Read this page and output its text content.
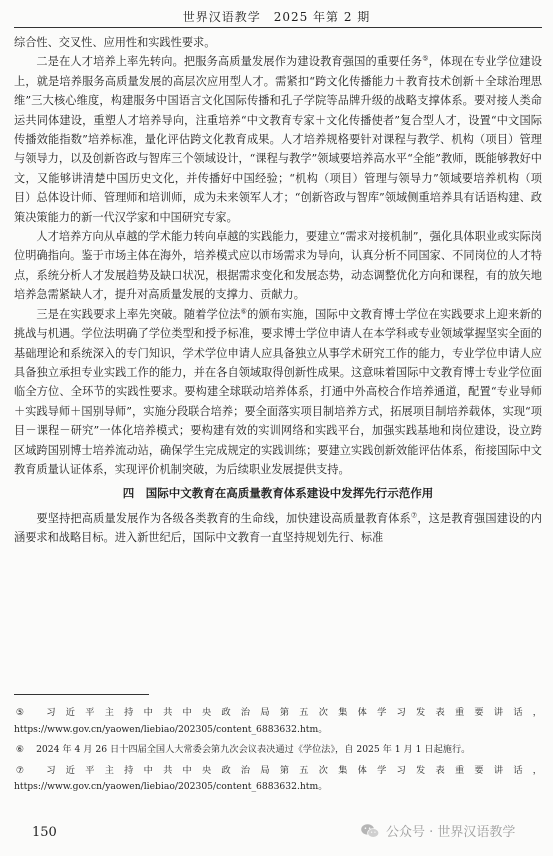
世界汉语教学　2025 年第 2 期

综合性、交叉性、应用性和实践性要求。

二是在人才培养上率先转向。把服务高质量发展作为建设教育强国的重要任务⑤，体现在专业学位建设上，就是培养服务高质量发展的高层次应用型人才。需紧扣“跨文化传播能力＋教育技术创新＋全球治理思维”三大核心维度，构建服务中国语言文化国际传播和孔子学院等品牌升级的战略支撑体系。要对接人类命运共同体建设，重塑人才培养导向，注重培养“中文教育专家＋文化传播使者”复合型人才，设置“中文国际传播效能指数”培养标准，量化评估跨文化教育成果。人才培养规格要针对课程与教学、机构（项目）管理与领导力，以及创新咨政与智库三个领域设计，“课程与教学”领域要培养高水平“全能”教师，既能够教好中文，又能够讲清楚中国历史文化，并传播好中国经验；“机构（项目）管理与领导力”领域要培养机构（项目）总体设计师、管理师和培训师，成为未来领军人才；“创新咨政与智库”领域侧重培养具有话语构建、政策决策能力的新一代汉学家和中国研究专家。

人才培养方向从卓越的学术能力转向卓越的实践能力，要建立“需求对接机制”，强化具体职业或实际岗位明确指向。鉴于市场主体在海外，培养模式应以市场需求为导向，认真分析不同国家、不同岗位的人才特点，系统分析人才发展趋势及缺口状况，根据需求变化和发展态势，动态调整优化方向和课程，有的放矢地培养急需紧缺人才，提升对高质量发展的支撑力、贡献力。

三是在实践要求上率先突破。随着学位法⑥的颁布实施，国际中文教育博士学位在实践要求上迎来新的挑战与机遇。学位法明确了学位类型和授予标准，要求博士学位申请人在本学科或专业领域掌握坚实全面的基础理论和系统深入的专门知识，学术学位申请人应具备独立从事学术研究工作的能力，专业学位申请人应具备独立承担专业实践工作的能力，并在各自领域取得创新性成果。这意味着国际中文教育博士专业学位面临全方位、全环节的实践性要求。要构建全球联动培养体系，打通中外高校合作培养通道，配置“专业导师＋实践导师＋国别导师”，实施分段联合培养；要全面落实项目制培养方式，拓展项目制培养载体，实现“项目－课程－研究”一体化培养模式；要构建有效的实训网络和实践平台，加强实践基地和岗位建设，设立跨区域跨国别博士培养流动站，确保学生完成规定的实践训练；要建立实践创新效能评估体系，衔接国际中文教育质量认证体系，实现评价机制突破，为后续职业发展提供支持。

四　国际中文教育在高质量教育体系建设中发挥先行示范作用

要坚持把高质量发展作为各级各类教育的生命线，加快建设高质量教育体系⑦，这是教育强国建设的内涵要求和战略目标。进入新世纪后，国际中文教育一直坚持规划先行、标准

⑤ 习近平主持中共中央政治局第五次集体学习发表重要讲话，https://www.gov.cn/yaowen/liebiao/202305/content_6883632.htm。

⑥ 2024 年 4 月 26 日十四届全国人大常委会第九次会议表决通过《学位法》，自 2025 年 1 月 1 日起施行。

⑦ 习近平主持中共中央政治局第五次集体学习发表重要讲话，https://www.gov.cn/yaowen/liebiao/202305/content_6883632.htm。

150	公众号 · 世界汉语教学
